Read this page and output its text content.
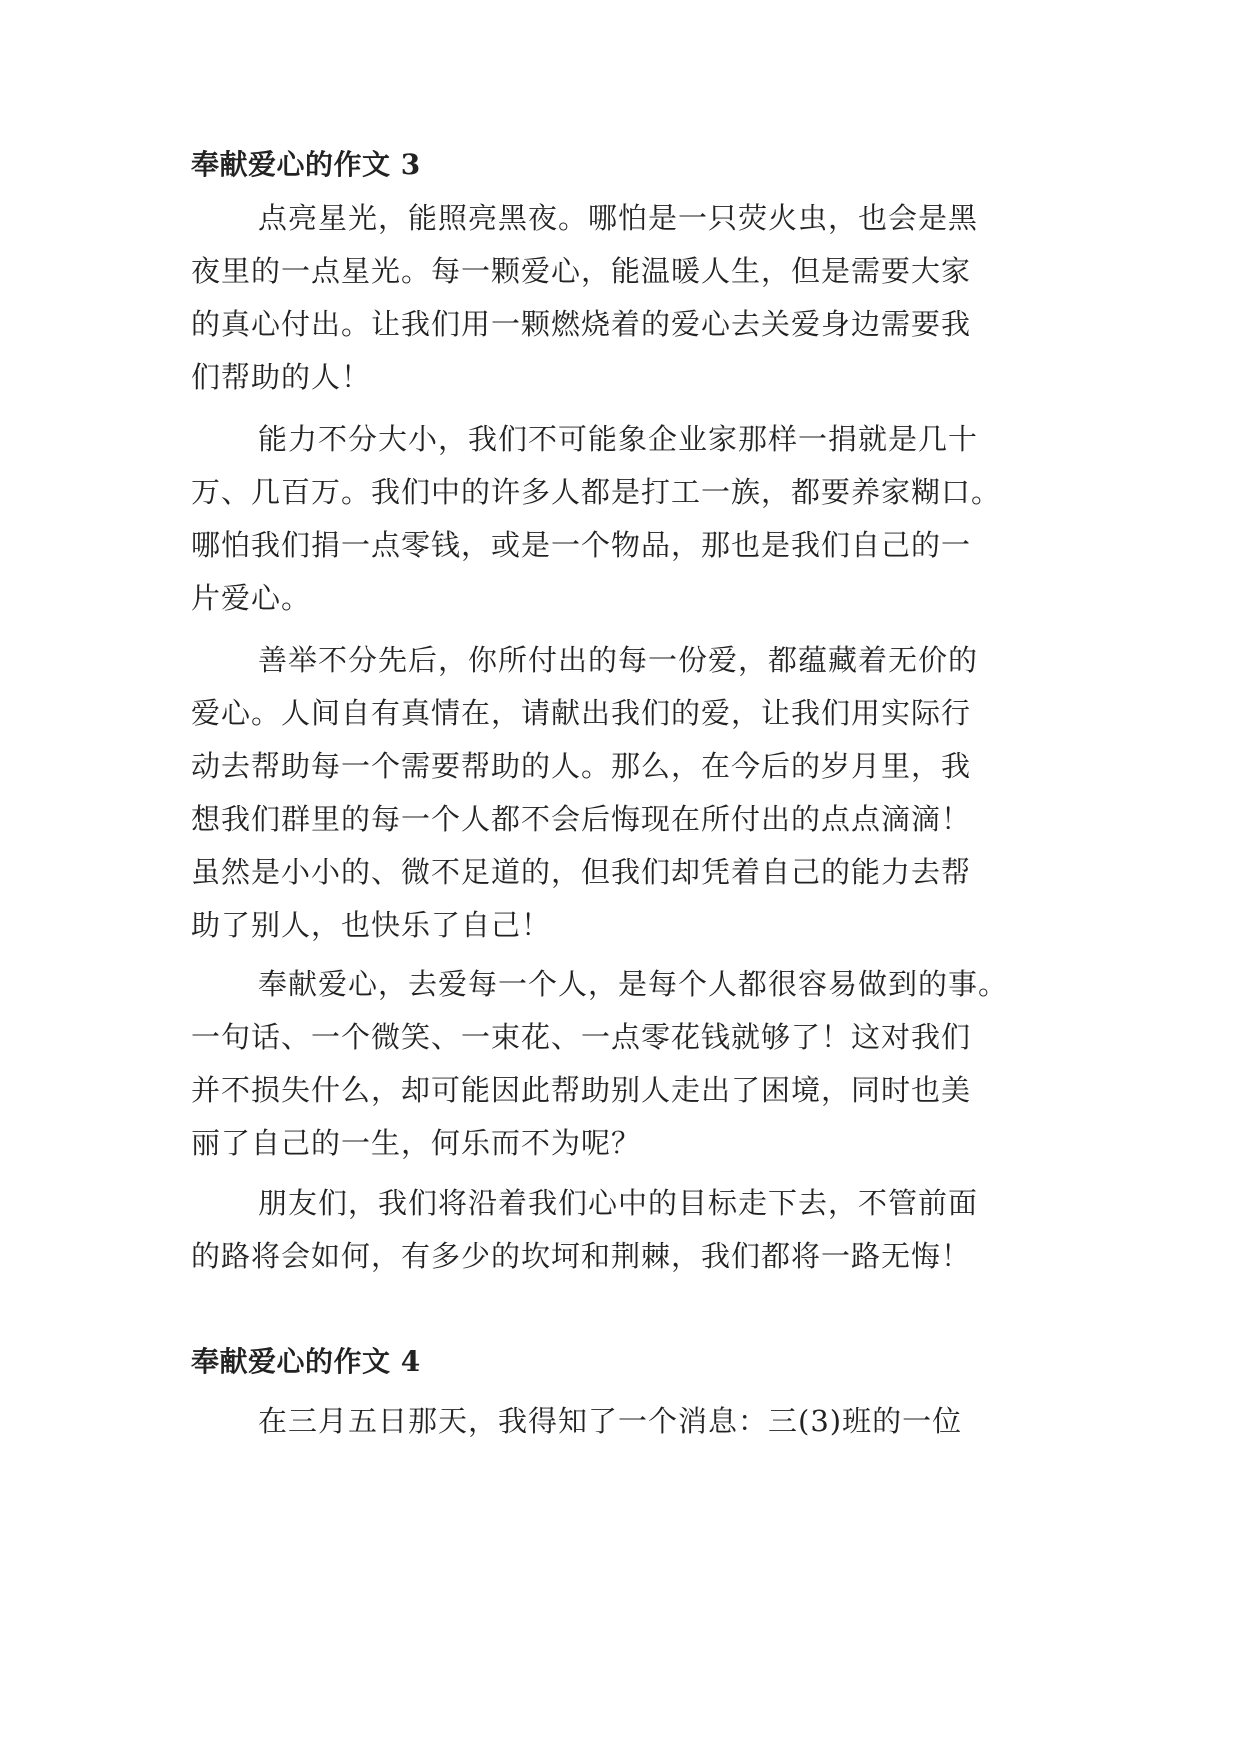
奉献爱心的作文 3

点亮星光，能照亮黑夜。哪怕是一只荧火虫，也会是黑

夜里的一点星光。每一颗爱心，能温暖人生，但是需要大家

的真心付出。让我们用一颗燃烧着的爱心去关爱身边需要我

们帮助的人！

能力不分大小，我们不可能象企业家那样一捐就是几十

万、几百万。我们中的许多人都是打工一族，都要养家糊口。

哪怕我们捐一点零钱，或是一个物品，那也是我们自己的一

片爱心。

善举不分先后，你所付出的每一份爱，都蕴藏着无价的

爱心。人间自有真情在，请献出我们的爱，让我们用实际行

动去帮助每一个需要帮助的人。那么，在今后的岁月里，我

想我们群里的每一个人都不会后悔现在所付出的点点滴滴！

虽然是小小的、微不足道的，但我们却凭着自己的能力去帮

助了别人，也快乐了自己！

奉献爱心，去爱每一个人，是每个人都很容易做到的事。

一句话、一个微笑、一束花、一点零花钱就够了！这对我们

并不损失什么，却可能因此帮助别人走出了困境，同时也美

丽了自己的一生，何乐而不为呢？

朋友们，我们将沿着我们心中的目标走下去，不管前面

的路将会如何，有多少的坎坷和荆棘，我们都将一路无悔！

奉献爱心的作文 4

在三月五日那天，我得知了一个消息：三(3)班的一位
